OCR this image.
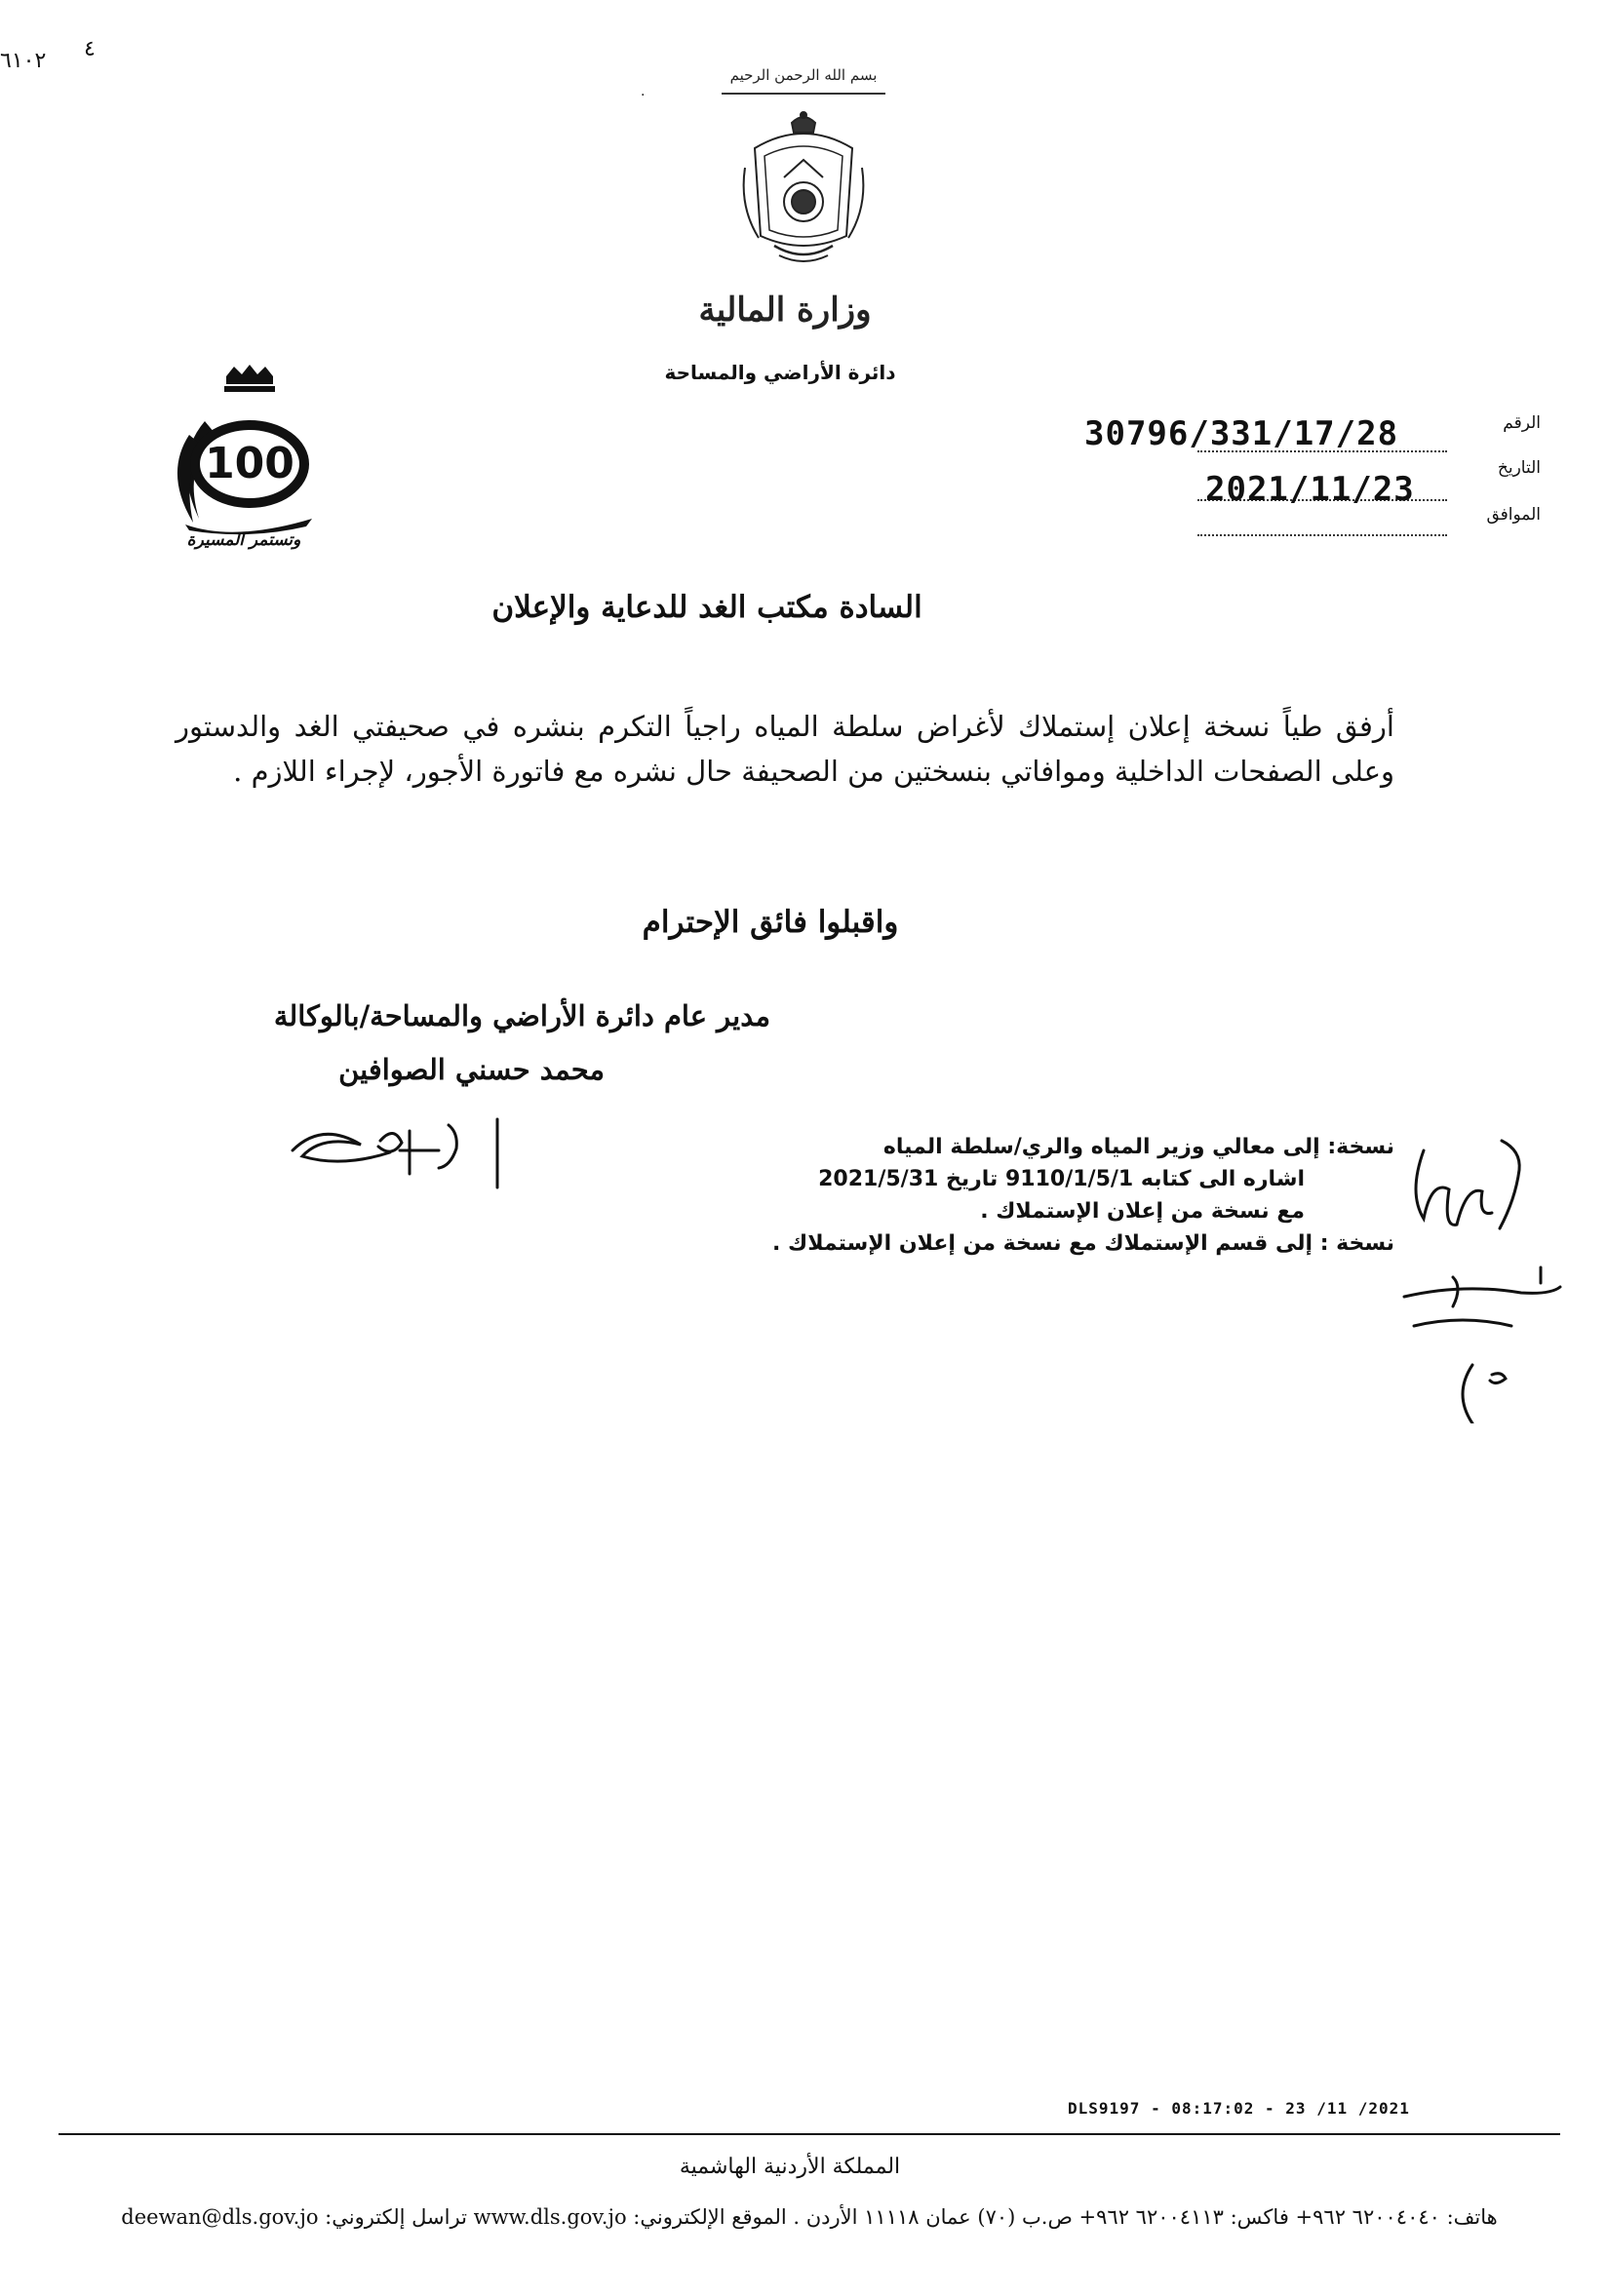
بسم الله الرحمن الرحيم
وزارة المالية
دائرة الأراضي والمساحة
100
وتستمر المسيرة
الرقم
التاريخ
الموافق
30796/331/17/28
2021/11/23
السادة مكتب الغد للدعاية والإعلان
أرفق طياً نسخة إعلان إستملاك لأغراض سلطة المياه راجياً التكرم بنشره في صحيفتي الغد والدستور وعلى الصفحات الداخلية وموافاتي بنسختين من الصحيفة حال نشره مع فاتورة الأجور، لإجراء اللازم .
واقبلوا فائق الإحترام
مدير عام دائرة الأراضي والمساحة/بالوكالة
محمد حسني الصوافين
نسخة: إلى معالي وزير المياه والري/سلطة المياه
اشاره الى كتابه 9110/1/5/1 تاريخ 2021/5/31
مع نسخة من إعلان الإستملاك .
نسخة : إلى قسم الإستملاك مع نسخة من إعلان الإستملاك .
٦١٠٢ ٤
·
DLS9197 - 08:17:02 - 23 /11 /2021
المملكة الأردنية الهاشمية
هاتف: ٦٢٠٠٤٠٤٠ ٩٦٢+ فاكس: ٦٢٠٠٤١١٣ ٩٦٢+ ص.ب (٧٠) عمان ١١١١٨ الأردن . الموقع الإلكتروني: www.dls.gov.jo تراسل إلكتروني: deewan@dls.gov.jo
